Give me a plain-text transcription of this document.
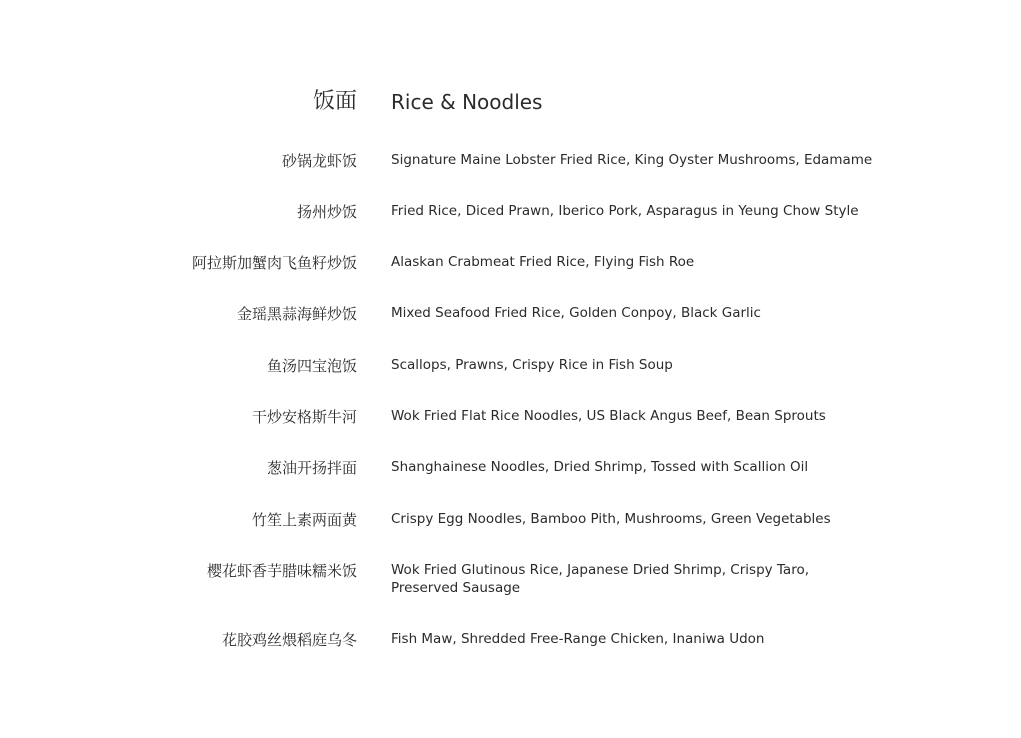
饭面 Rice & Noodles
砂锅龙虾饭	Signature Maine Lobster Fried Rice, King Oyster Mushrooms, Edamame
扬州炒饭	Fried Rice, Diced Prawn, Iberico Pork, Asparagus in Yeung Chow Style
阿拉斯加蟹肉飞鱼籽炒饭	Alaskan Crabmeat Fried Rice, Flying Fish Roe
金瑶黑蒜海鲜炒饭	Mixed Seafood Fried Rice, Golden Conpoy, Black Garlic
鱼汤四宝泡饭	Scallops, Prawns, Crispy Rice in Fish Soup
干炒安格斯牛河	Wok Fried Flat Rice Noodles, US Black Angus Beef, Bean Sprouts
葱油开扬拌面	Shanghainese Noodles, Dried Shrimp, Tossed with Scallion Oil
竹笙上素两面黄	Crispy Egg Noodles, Bamboo Pith, Mushrooms, Green Vegetables
樱花虾香芋腊味糯米饭	Wok Fried Glutinous Rice, Japanese Dried Shrimp, Crispy Taro,
Preserved Sausage
花胶鸡丝煨稻庭乌冬	Fish Maw, Shredded Free-Range Chicken, Inaniwa Udon
